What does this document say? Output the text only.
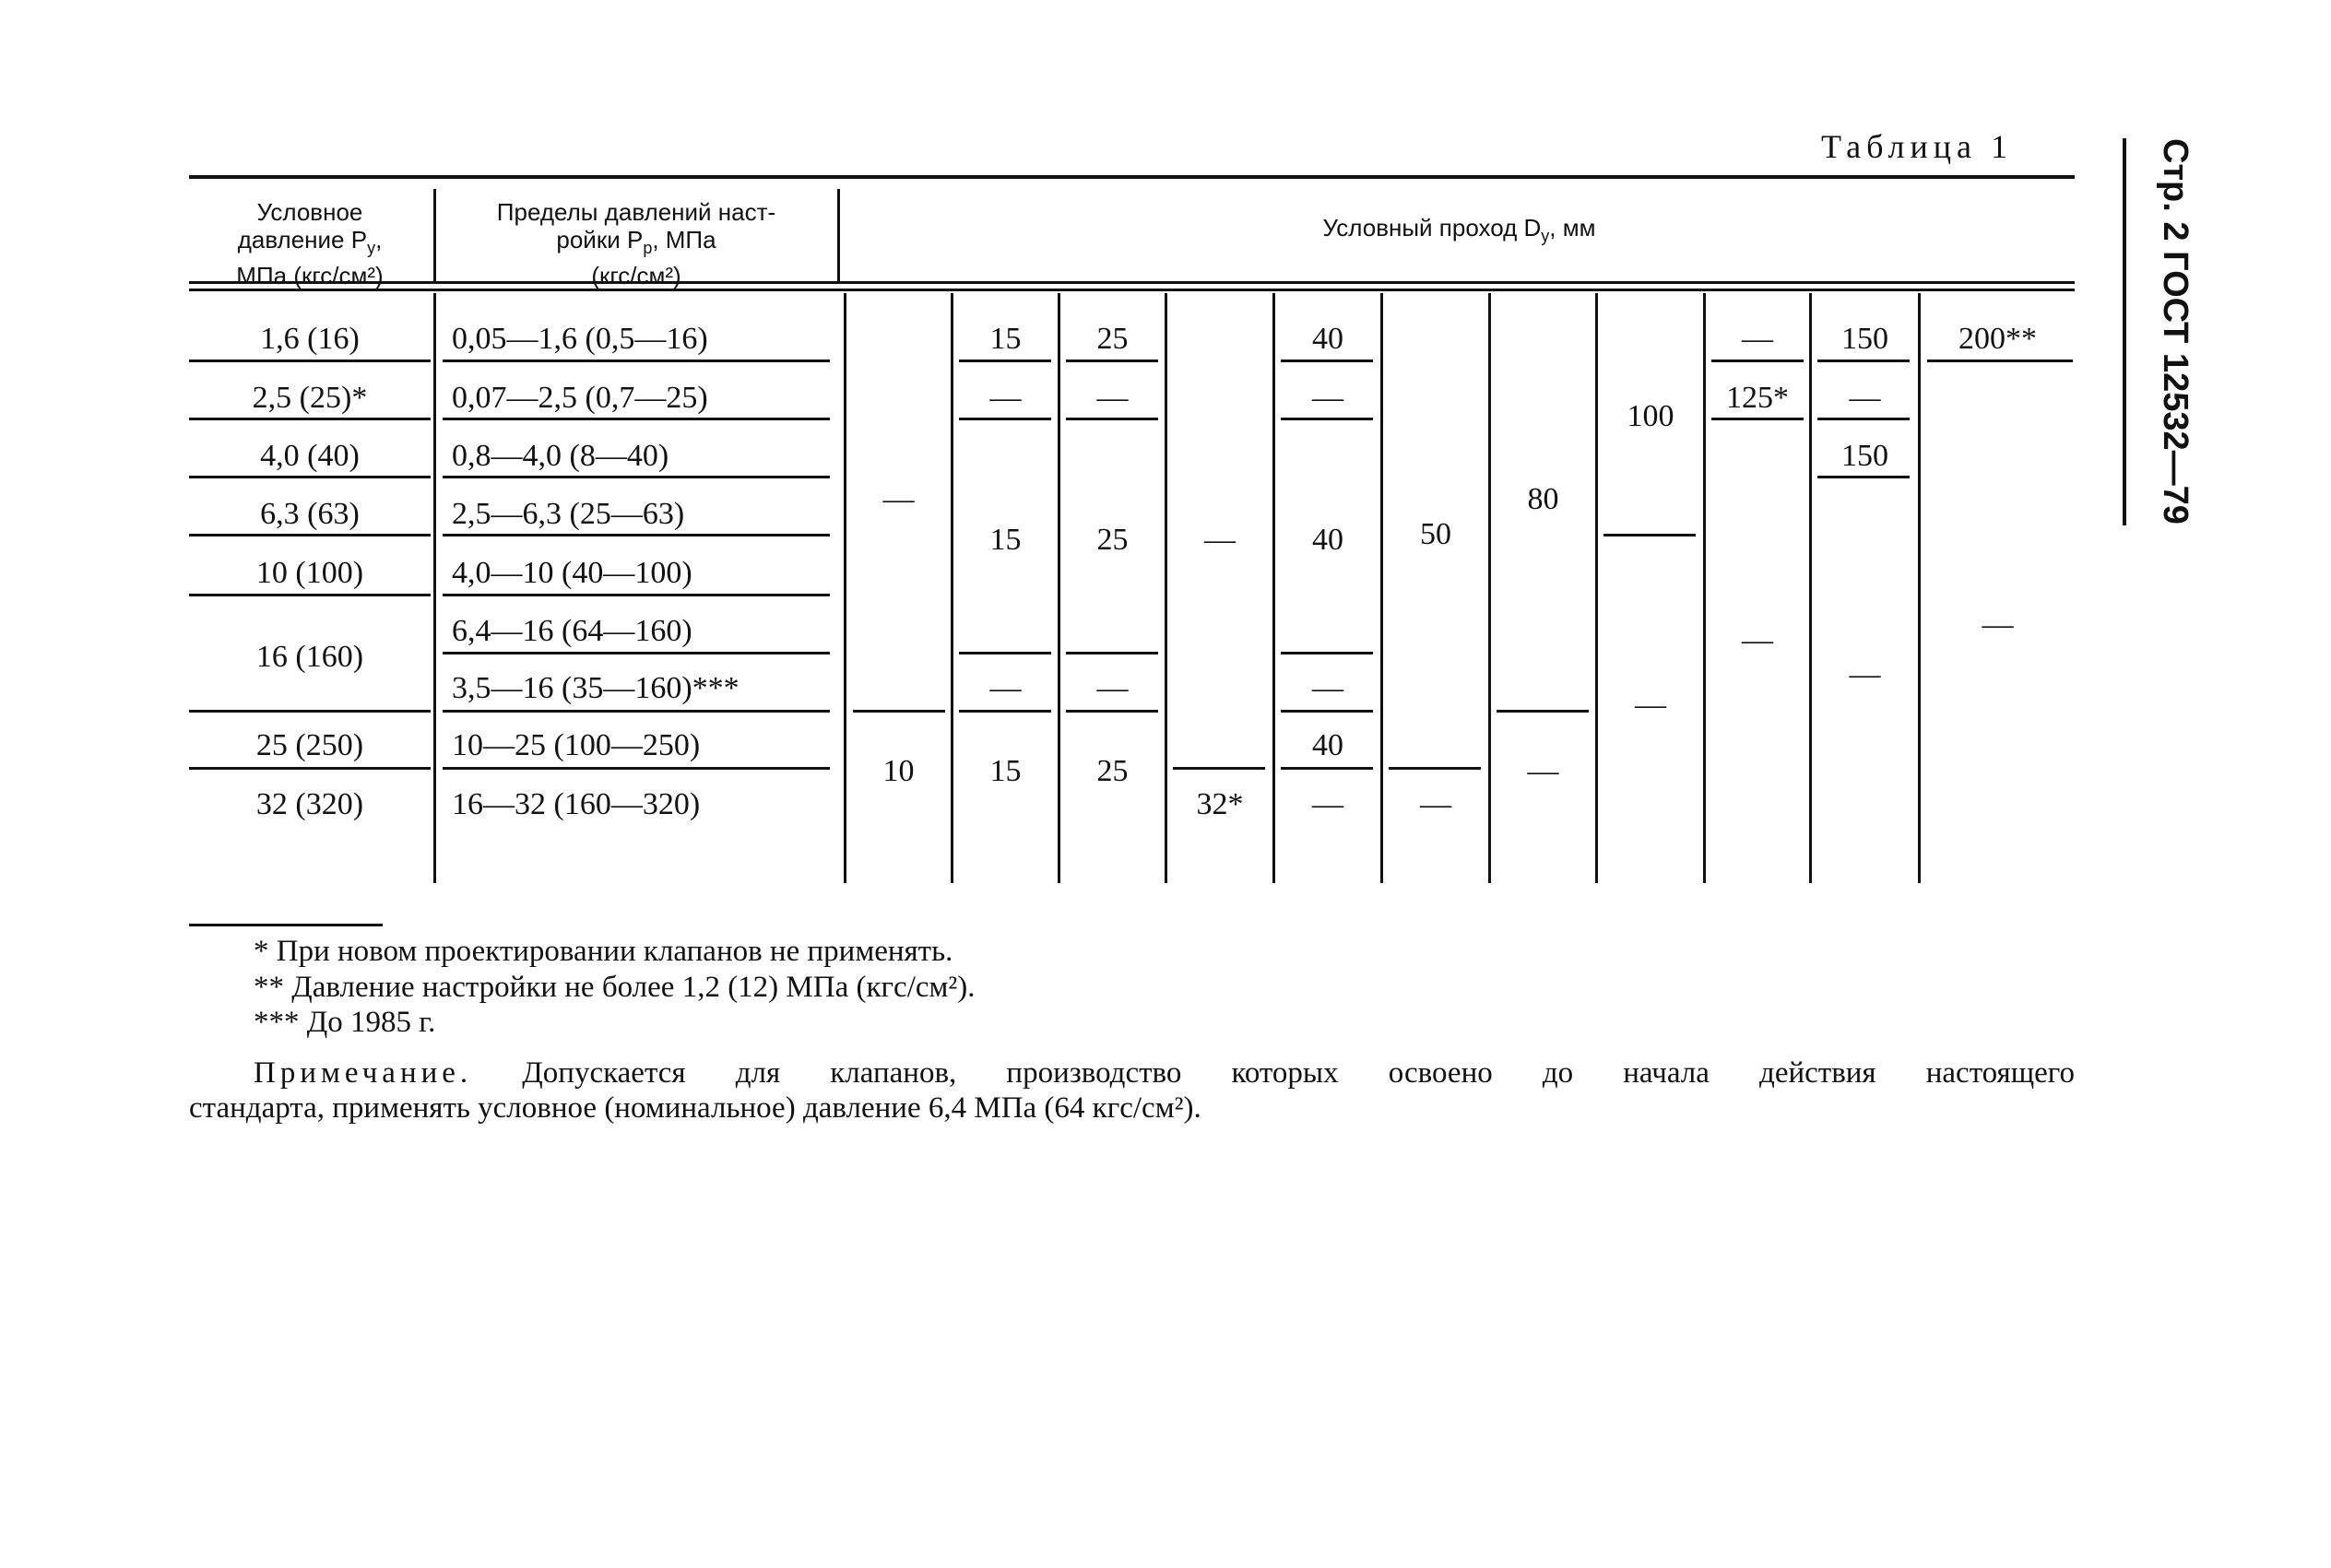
Таблица 1	Стр. 2 ГОСТ 12532—79
Условное
давление $P_у$,
МПа (кгс/см²)
Пределы давлений наст-
ройки $P_р$, МПа
(кгс/см²)
Условный проход $D_у$, мм
1,6 (16)
2,5 (25)*
4,0 (40)
6,3 (63)
10 (100)
16 (160)
25 (250)
32 (320)
0,05—1,6 (0,5—16)
0,07—2,5 (0,7—25)
0,8—4,0 (8—40)
2,5—6,3 (25—63)
4,0—10 (40—100)
6,4—16 (64—160)
3,5—16 (35—160)***
10—25 (100—250)
16—32 (160—320)
—
10
15
—
15
—
15
25
—
25
—
25
—
32*
40
—
40
—
40
—
50
—
80
—
100
—
—
125*
—
150
—
150
—
200**
—
* При новом проектировании клапанов не применять.
** Давление настройки не более 1,2 (12) МПа (кгс/см²).
*** До 1985 г.
Примечание. Допускается для клапанов, производство которых освоено до начала действия настоящего
стандарта, применять условное (номинальное) давление 6,4 МПа (64 кгс/см²).
